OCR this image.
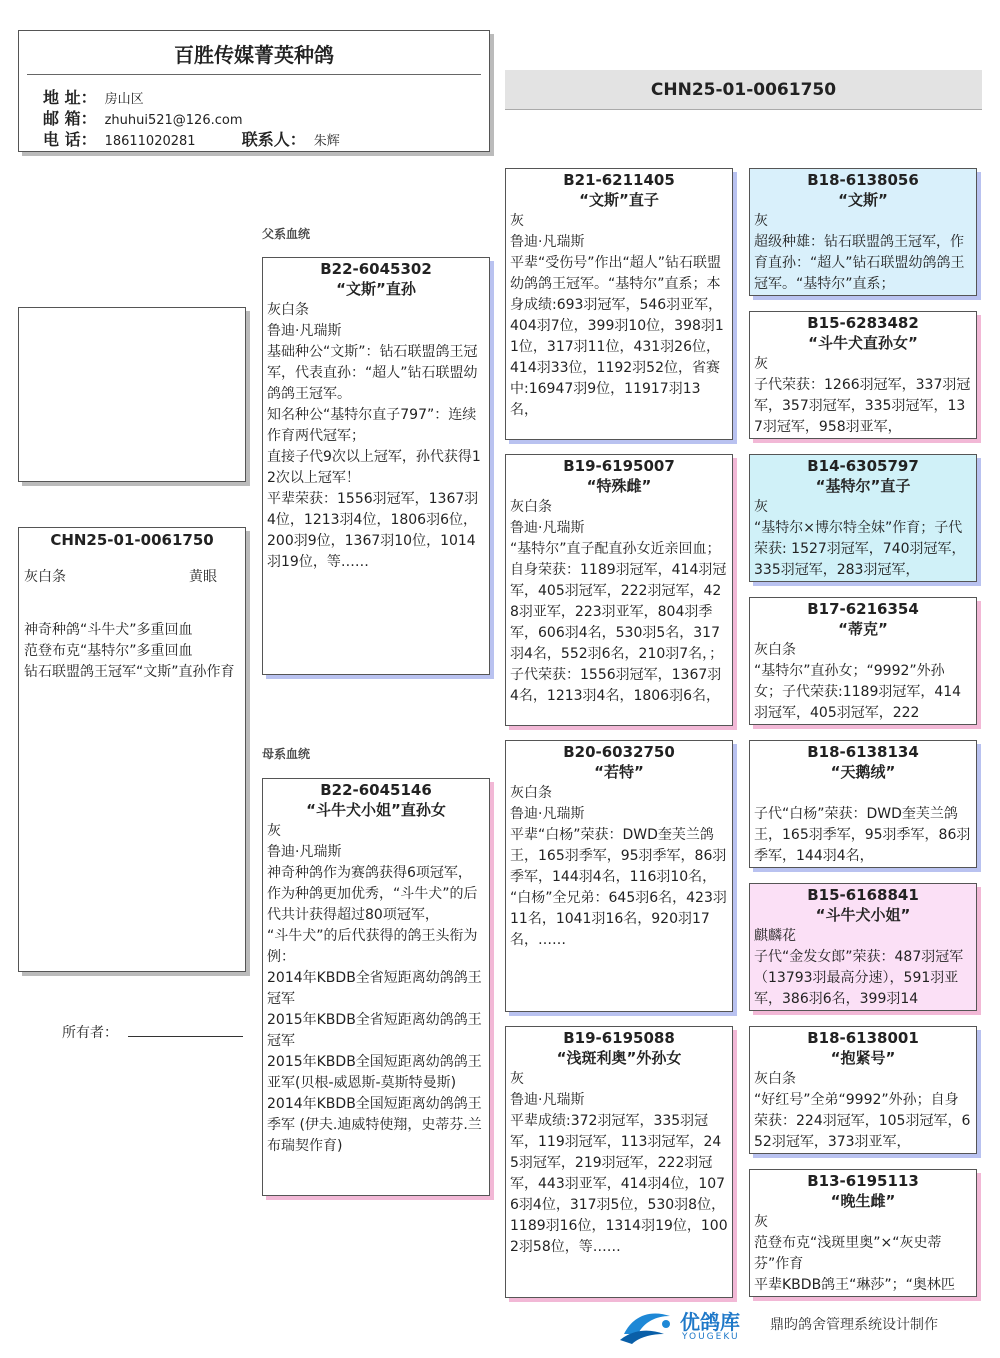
百胜传媒菁英种鸽
地 址： 房山区
邮 箱： zhuhui521@126.com
电 话： 18611020281	联系人： 朱辉
CHN25-01-0061750
父系血统
母系血统
CHN25-01-0061750
灰白条	黄眼
神奇种鸽“斗牛犬”多重回血
范登布克“基特尔”多重回血
钻石联盟鸽王冠军“文斯”直孙作育
所有者：
B22-6045302
“文斯”直孙
灰白条
鲁迪·凡瑞斯
基础种公“文斯”：钻石联盟鸽王冠军，代表直孙：“超人”钻石联盟幼鸽鸽王冠军。
知名种公“基特尔直子797”：连续作育两代冠军；
直接子代9次以上冠军，孙代获得12次以上冠军！
平辈荣获：1556羽冠军，1367羽4位，1213羽4位，1806羽6位，200羽9位，1367羽10位，1014羽19位，等……
B22-6045146
“斗牛犬小姐”直孙女
灰
鲁迪·凡瑞斯
神奇种鸽作为赛鸽获得6项冠军，作为种鸽更加优秀，“斗牛犬”的后代共计获得超过80项冠军，
“斗牛犬”的后代获得的鸽王头衔为例：
2014年KBDB全省短距离幼鸽鸽王冠军
2015年KBDB全省短距离幼鸽鸽王冠军
2015年KBDB全国短距离幼鸽鸽王亚军(贝根-威恩斯-莫斯特曼斯)
2014年KBDB全国短距离幼鸽鸽王季军 (伊夫.迪威特使翔，史蒂芬.兰布瑞契作育)
B21-6211405
“文斯”直子
灰
鲁迪·凡瑞斯
平辈“受伤号”作出“超人”钻石联盟幼鸽鸽王冠军。“基特尔”直系；本身成绩:693羽冠军，546羽亚军，404羽7位，399羽10位，398羽11位，317羽11位，431羽26位，414羽33位，1192羽52位，省赛中:16947羽9位，11917羽13名，
B19-6195007
“特殊雌”
灰白条
鲁迪·凡瑞斯
“基特尔”直子配直孙女近亲回血；自身荣获：1189羽冠军，414羽冠军，405羽冠军，222羽冠军，428羽亚军，223羽亚军，804羽季军，606羽4名，530羽5名，317羽4名，552羽6名，210羽7名，；子代荣获：1556羽冠军，1367羽4名，1213羽4名，1806羽6名，
B20-6032750
“若特”
灰白条
鲁迪·凡瑞斯
平辈“白杨”荣获：DWD奎芙兰鸽王，165羽季军，95羽季军，86羽季军，144羽4名，116羽10名，
“白杨”全兄弟：645羽6名，423羽11名，1041羽16名，920羽17名，……
B19-6195088
“浅斑利奥”外孙女
灰
鲁迪·凡瑞斯
平辈成绩:372羽冠军，335羽冠军，119羽冠军，113羽冠军，245羽冠军，219羽冠军，222羽冠军，443羽亚军，414羽4位，1076羽4位，317羽5位，530羽8位，1189羽16位，1314羽19位，1002羽58位，等……
B18-6138056
“文斯”
灰
超级种雄：钻石联盟鸽王冠军，作育直孙：“超人”钻石联盟幼鸽鸽王冠军。“基特尔”直系；
B15-6283482
“斗牛犬直孙女”
灰
子代荣获：1266羽冠军，337羽冠军，357羽冠军，335羽冠军，137羽冠军，958羽亚军，
B14-6305797
“基特尔”直子
灰
“基特尔×博尔特全妹”作育；子代荣获: 1527羽冠军，740羽冠军，335羽冠军，283羽冠军，
B17-6216354
“蒂克”
灰白条
“基特尔”直孙女；“9992”外孙女；子代荣获:1189羽冠军，414羽冠军，405羽冠军，222
B18-6138134
“天鹅绒”

子代“白杨”荣获：DWD奎芙兰鸽王，165羽季军，95羽季军，86羽季军，144羽4名，
B15-6168841
“斗牛犬小姐”
麒麟花
子代“金发女郎”荣获：487羽冠军（13793羽最高分速），591羽亚军，386羽6名，399羽14
B18-6138001
“抱紧号”
灰白条
“好红号”全弟“9992”外孙；自身荣获：224羽冠军，105羽冠军，652羽冠军，373羽亚军，
B13-6195113
“晚生雌”
灰
范登布克“浅斑里奥”×“灰史蒂芬”作育
平辈KBDB鸽王“琳莎”；“奥林匹
优鸽库
YOUGEKU
鼎昀鸽舍管理系统设计制作
